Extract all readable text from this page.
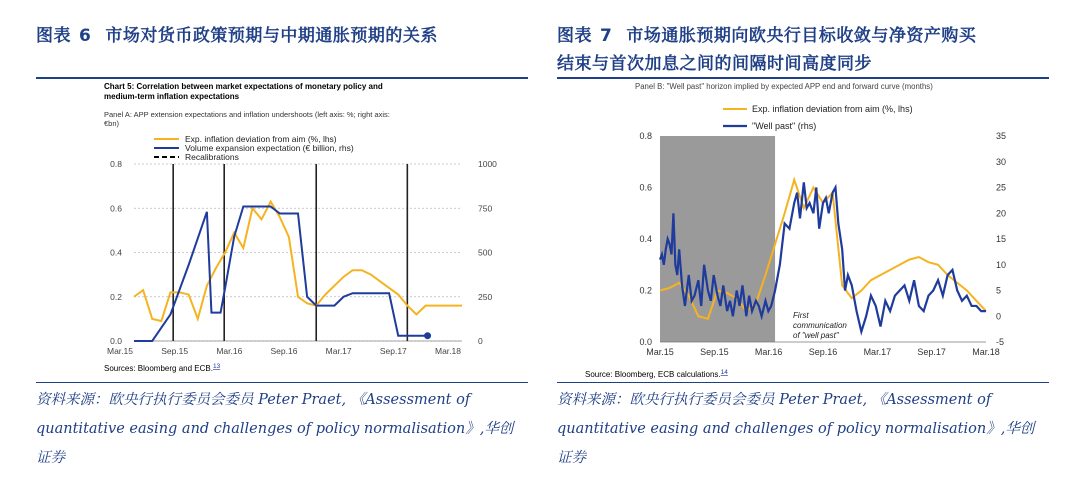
图表 6 市场对货币政策预期与中期通胀预期的关系
Chart 5: Correlation between market expectations of monetary policy and
medium-term inflation expectations
Panel A: APP extension expectations and inflation undershoots (left axis: %; right axis:
€bn)
0.0
0.2
0.4
0.6
0.8
0
250
500
750
1000
Mar.15	Sep.15	Mar.16	Sep.16	Mar.17	Sep.17	Mar.18
Exp. inflation deviation from aim (%, lhs)
Volume expansion expectation (€ billion, rhs)
Recalibrations
Sources: Bloomberg and ECB.$^{13}$
资料来源：欧央行执行委员会委员 Peter Praet, 《Assessment of
quantitative easing and challenges of policy normalisation》,华创
证券
图表 7 市场通胀预期向欧央行目标收敛与净资产购买
结束与首次加息之间的间隔时间高度同步
Panel B: "Well past" horizon implied by expected APP end and forward curve (months)
0.0
0.2
0.4
0.6
0.8
-5
0
5
10
15
20
25
30
35
Mar.15	Sep.15	Mar.16	Sep.16	Mar.17	Sep.17	Mar.18
First
communication
of "well past"
Exp. inflation deviation from aim (%, lhs)
"Well past" (rhs)
Source: Bloomberg, ECB calculations.$^{14}$
资料来源：欧央行执行委员会委员 Peter Praet, 《Assessment of
quantitative easing and challenges of policy normalisation》,华创
证券
